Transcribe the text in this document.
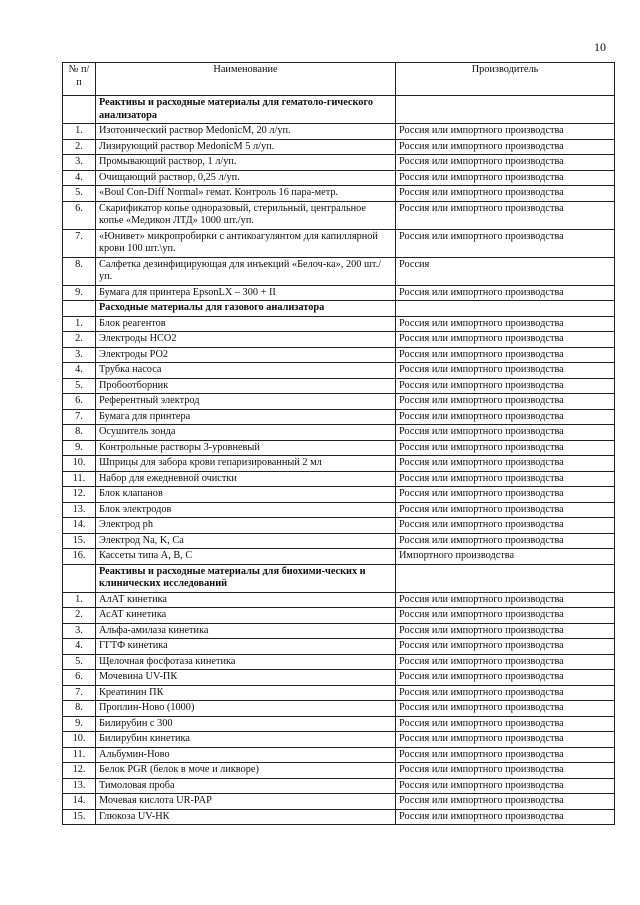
10
№ п/п	Наименование	Производитель
	Реактивы и расходные материалы для гематоло-гического анализатора	
1.	Изотонический раствор MedonicM, 20 л/уп.	Россия или импортного производства
2.	Лизирующий раствор MedonicM 5 л/уп.	Россия или импортного производства
3.	Промывающий раствор, 1 л/уп.	Россия или импортного производства
4.	Очищающий раствор, 0,25 л/уп.	Россия или импортного производства
5.	«Boul Con-Diff Normal» гемат. Контроль 16 пара-метр.	Россия или импортного производства
6.	Скарификатор копье одноразовый, стерильный, центральное копье «Медикон ЛТД» 1000 шт./уп.	Россия или импортного производства
7.	«Юнивет» микропробирки с антикоагулянтом для капиллярной крови 100 шт.\уп.	Россия или импортного производства
8.	Салфетка дезинфицирующая для инъекций «Белоч-ка», 200 шт./уп.	Россия
9.	Бумага для принтера EpsonLX – 300 + II	Россия или импортного производства
	Расходные материалы для газового анализатора	
1.	Блок реагентов	Россия или импортного производства
2.	Электроды НСО2	Россия или импортного производства
3.	Электроды РО2	Россия или импортного производства
4.	Трубка насоса	Россия или импортного производства
5.	Пробоотборник	Россия или импортного производства
6.	Референтный электрод	Россия или импортного производства
7.	Бумага для принтера	Россия или импортного производства
8.	Осушитель зонда	Россия или импортного производства
9.	Контрольные растворы 3-уровневый	Россия или импортного производства
10.	Шприцы для забора крови гепаризированный 2 мл	Россия или импортного производства
11.	Набор для ежедневной очистки	Россия или импортного производства
12.	Блок клапанов	Россия или импортного производства
13.	Блок электродов	Россия или импортного производства
14.	Электрод ph	Россия или импортного производства
15.	Электрод Na, K, Ca	Россия или импортного производства
16.	Кассеты типа А, В, С	Импортного производства
	Реактивы и расходные материалы для биохими-ческих и клинических исследований	
1.	АлАТ кинетика	Россия или импортного производства
2.	АсАТ кинетика	Россия или импортного производства
3.	Альфа-амилаза кинетика	Россия или импортного производства
4.	ГГТФ кинетика	Россия или импортного производства
5.	Щелочная фосфотаза кинетика	Россия или импортного производства
6.	Мочевина UV-ПК	Россия или импортного производства
7.	Креатинин ПК	Россия или импортного производства
8.	Проплин-Ново (1000)	Россия или импортного производства
9.	Билирубин с 300	Россия или импортного производства
10.	Билирубин кинетика	Россия или импортного производства
11.	Альбумин-Ново	Россия или импортного производства
12.	Белок PGR (белок в моче и ликворе)	Россия или импортного производства
13.	Тимоловая проба	Россия или импортного производства
14.	Мочевая кислота UR-PAP	Россия или импортного производства
15.	Глюкоза UV-НК	Россия или импортного производства
